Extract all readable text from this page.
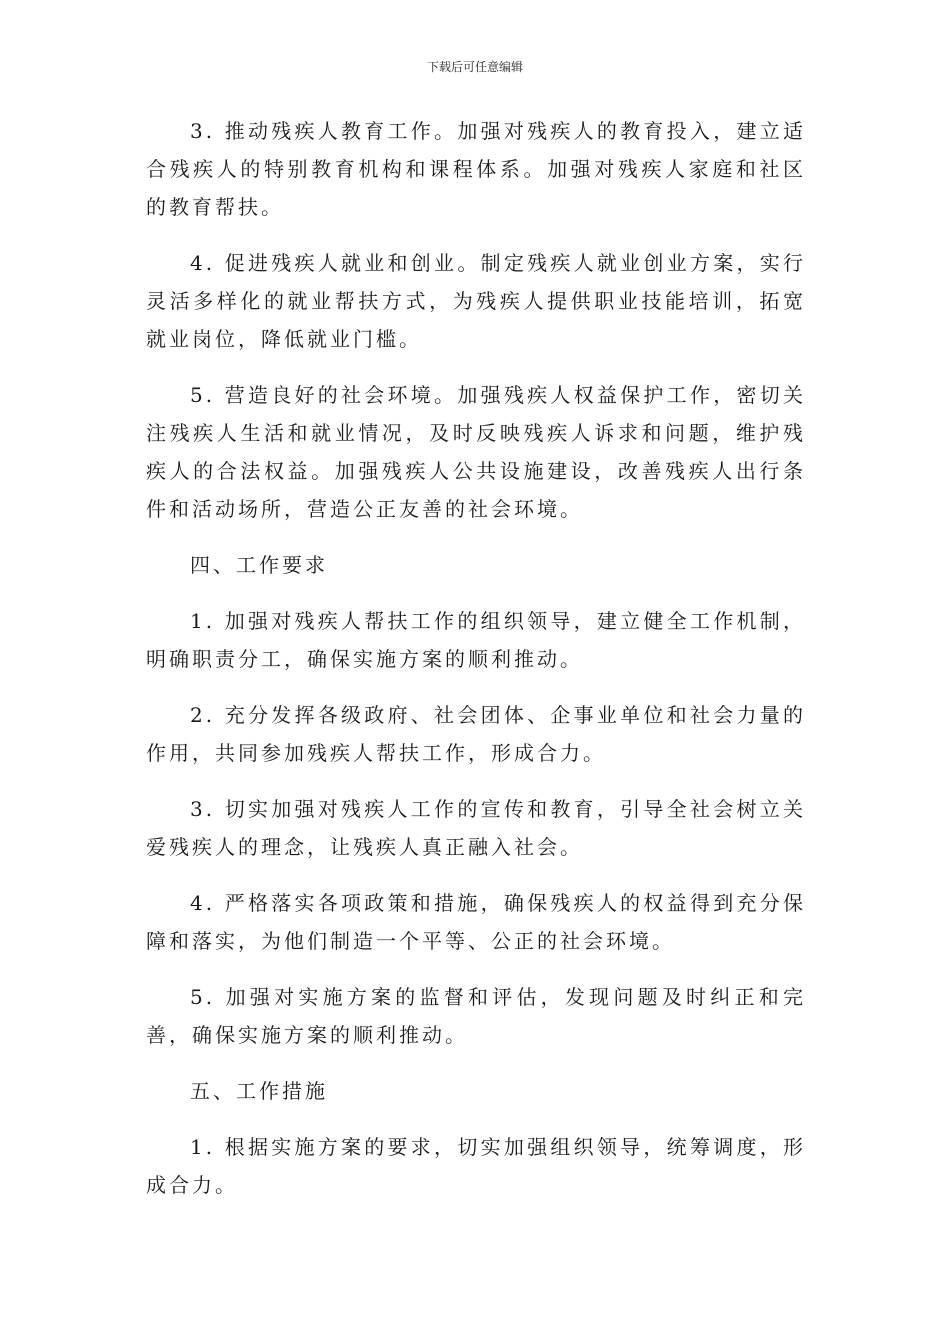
下载后可任意编辑

3. 推动残疾人教育工作。加强对残疾人的教育投入，建立适合残疾人的特别教育机构和课程体系。加强对残疾人家庭和社区的教育帮扶。

4. 促进残疾人就业和创业。制定残疾人就业创业方案，实行灵活多样化的就业帮扶方式，为残疾人提供职业技能培训，拓宽就业岗位，降低就业门槛。

5. 营造良好的社会环境。加强残疾人权益保护工作，密切关注残疾人生活和就业情况，及时反映残疾人诉求和问题，维护残疾人的合法权益。加强残疾人公共设施建设，改善残疾人出行条件和活动场所，营造公正友善的社会环境。

四、工作要求

1. 加强对残疾人帮扶工作的组织领导，建立健全工作机制，明确职责分工，确保实施方案的顺利推动。

2. 充分发挥各级政府、社会团体、企事业单位和社会力量的作用，共同参加残疾人帮扶工作，形成合力。

3. 切实加强对残疾人工作的宣传和教育，引导全社会树立关爱残疾人的理念，让残疾人真正融入社会。

4. 严格落实各项政策和措施，确保残疾人的权益得到充分保障和落实，为他们制造一个平等、公正的社会环境。

5. 加强对实施方案的监督和评估，发现问题及时纠正和完善，确保实施方案的顺利推动。

五、工作措施

1. 根据实施方案的要求，切实加强组织领导，统筹调度，形成合力。
